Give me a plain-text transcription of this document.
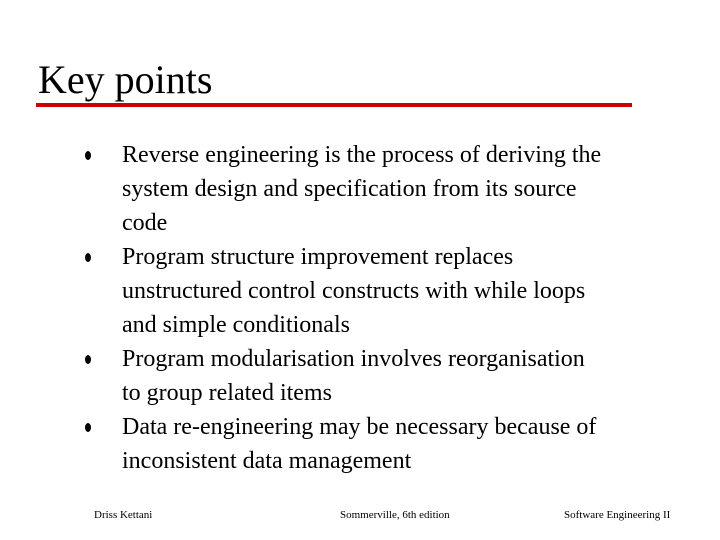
Key points
Reverse engineering is the process of deriving the
system design and specification from its source
code
Program structure improvement replaces
unstructured control constructs with while loops
and simple conditionals
Program modularisation involves reorganisation
to group related items
Data re-engineering may be necessary because of
inconsistent data management
Driss Kettani	Sommerville, 6th edition	Software Engineering II
